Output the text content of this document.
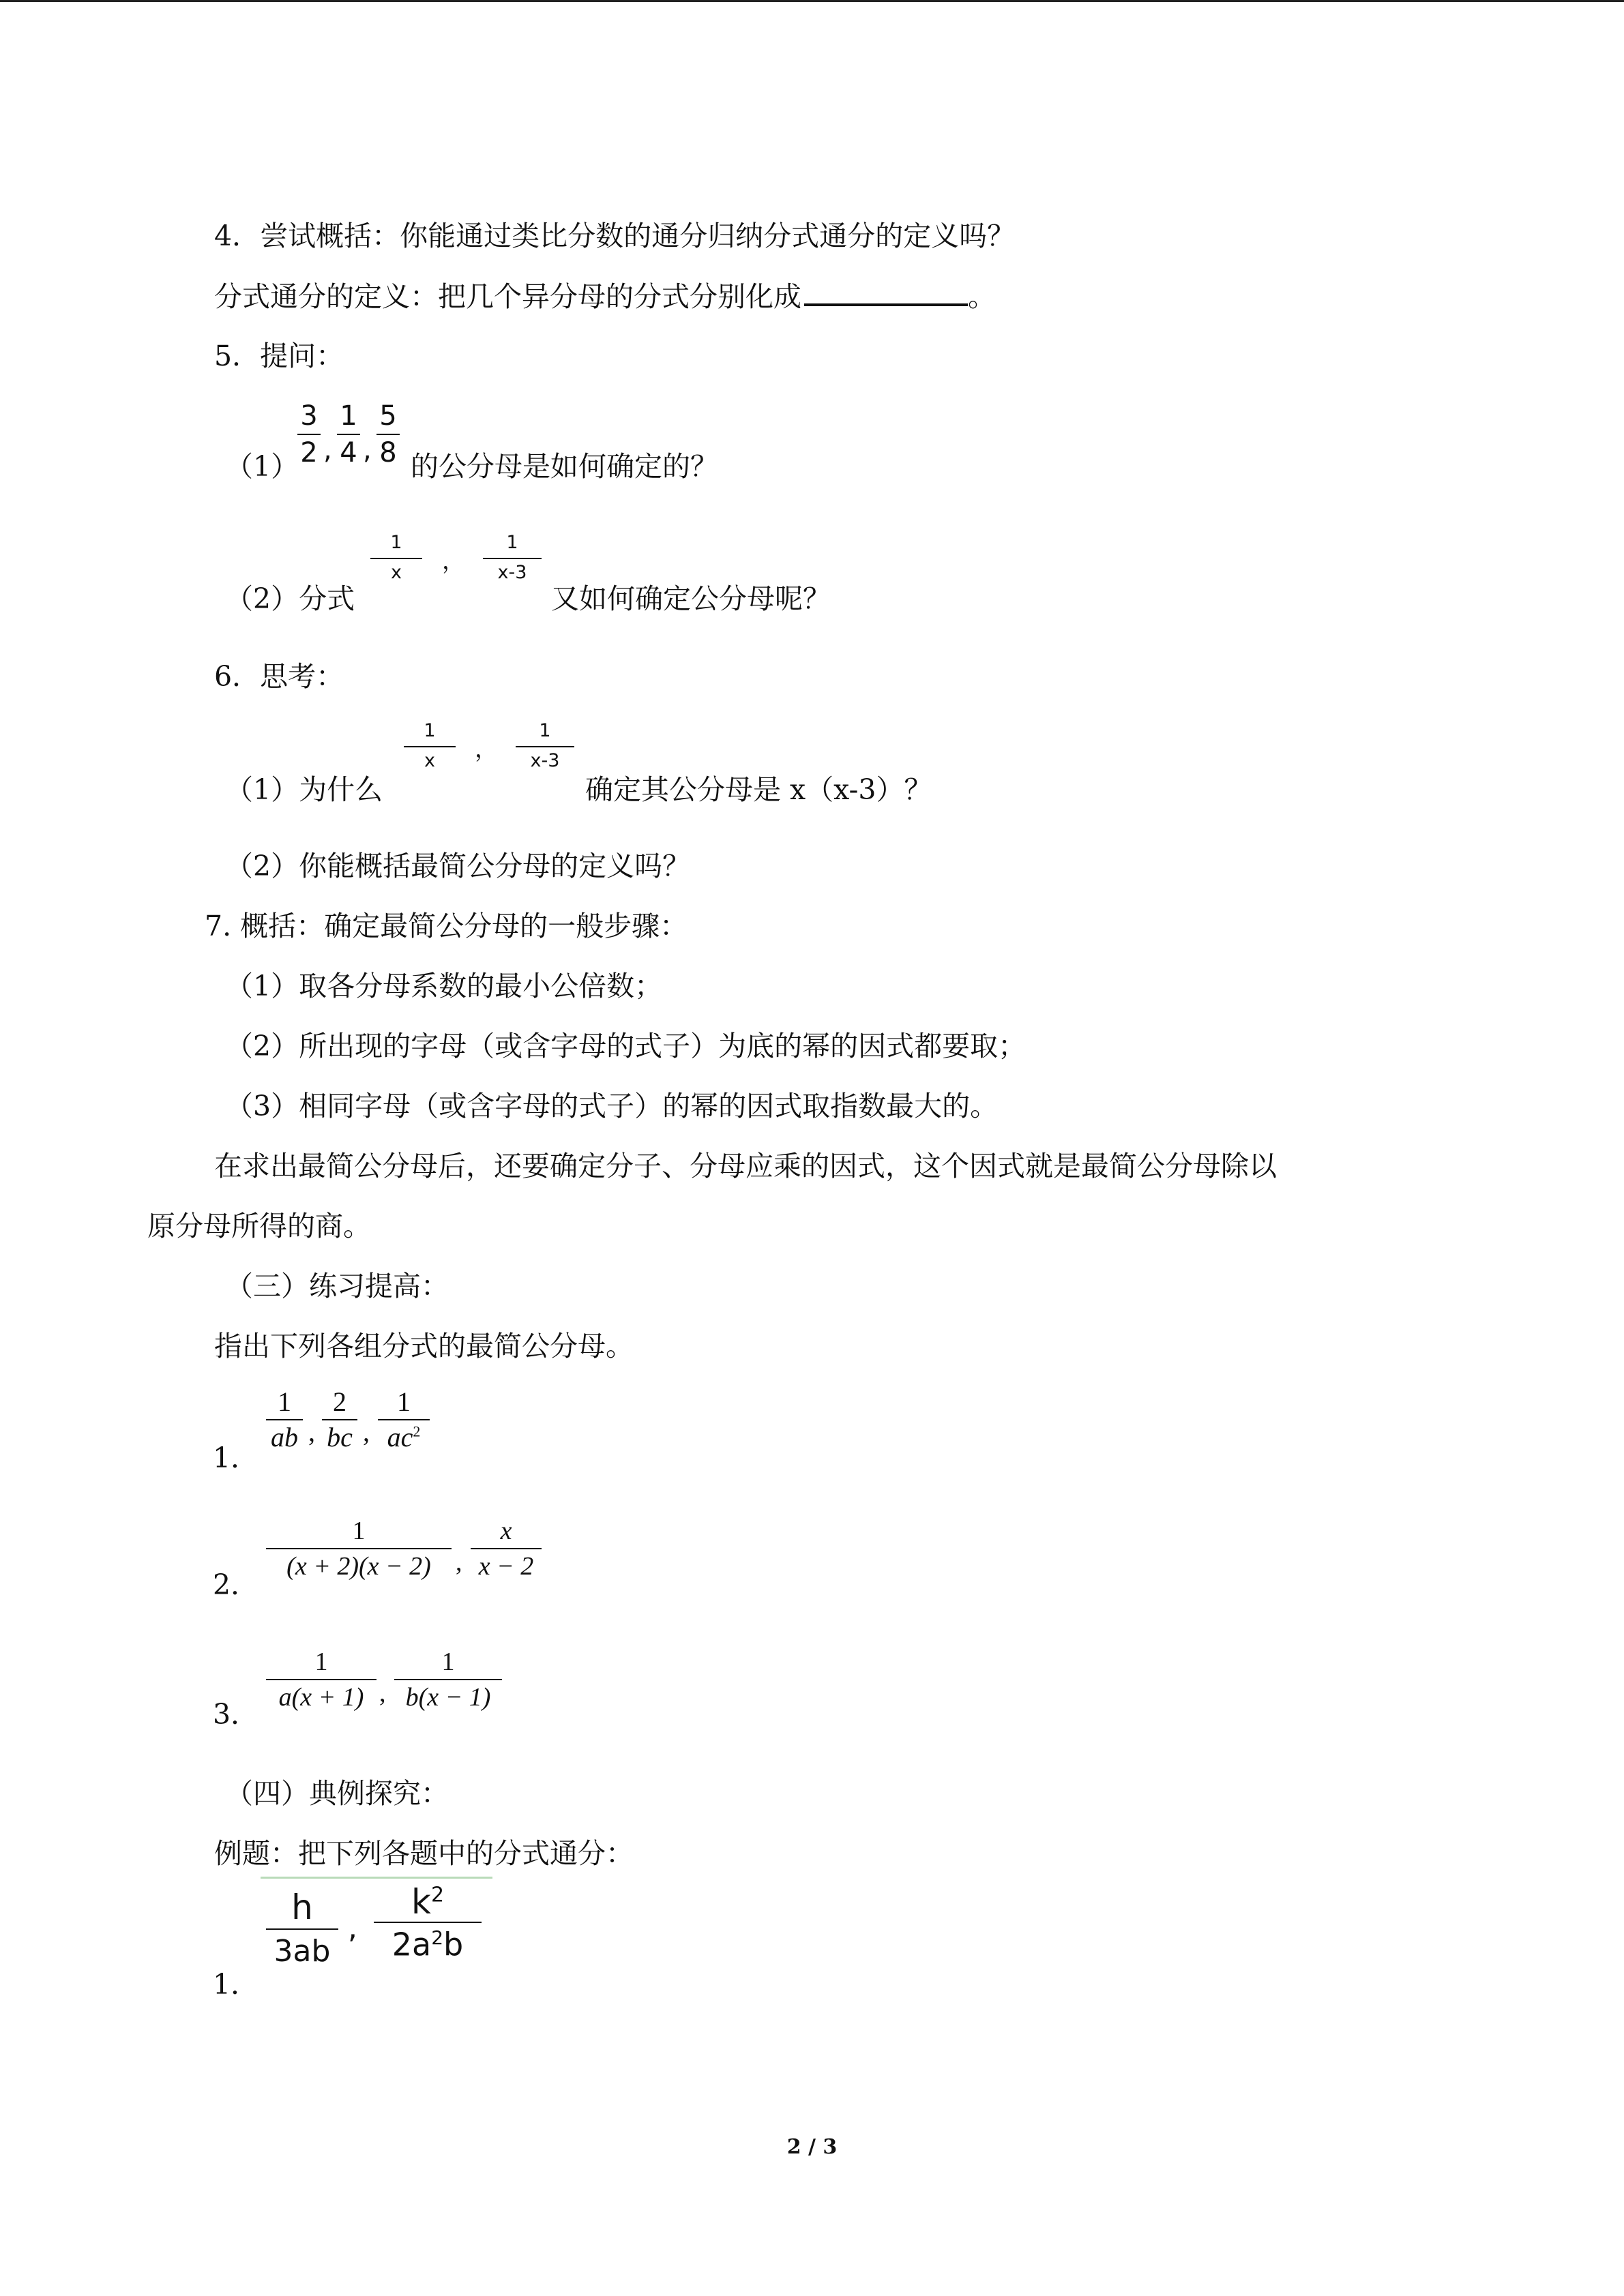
4．尝试概括：你能通过类比分数的通分归纳分式通分的定义吗？
分式通分的定义：把几个异分母的分式分别化成	。
5．提问：
（1）
3
2 ,
1
4 ,
5
8 的公分母是如何确定的？
（2）分式
1
x	，
1
x-3
又如何确定公分母呢？
6．思考：
（1）为什么
1
x	，
1
x-3
确定其公分母是 x（x-3）？
（2）你能概括最简公分母的定义吗？
7. 概括：确定最简公分母的一般步骤：
（1）取各分母系数的最小公倍数；
（2）所出现的字母（或含字母的式子）为底的幂的因式都要取；
（3）相同字母（或含字母的式子）的幂的因式取指数最大的。
在求出最简公分母后，还要确定分子、分母应乘的因式，这个因式就是最简公分母除以
原分母所得的商。
（三）练习提高：
指出下列各组分式的最简公分母。
1．
1
ab ,
2
bc ,
1
$ac^2$
2．
1
(x + 2)(x − 2) ,
x
x − 2
3．
1
a(x + 1) ,
1
b(x − 1)
（四）典例探究：
例题：把下列各题中的分式通分：
1．
h
3ab
,
$k^2$
$2a^2b$
2 / 3
